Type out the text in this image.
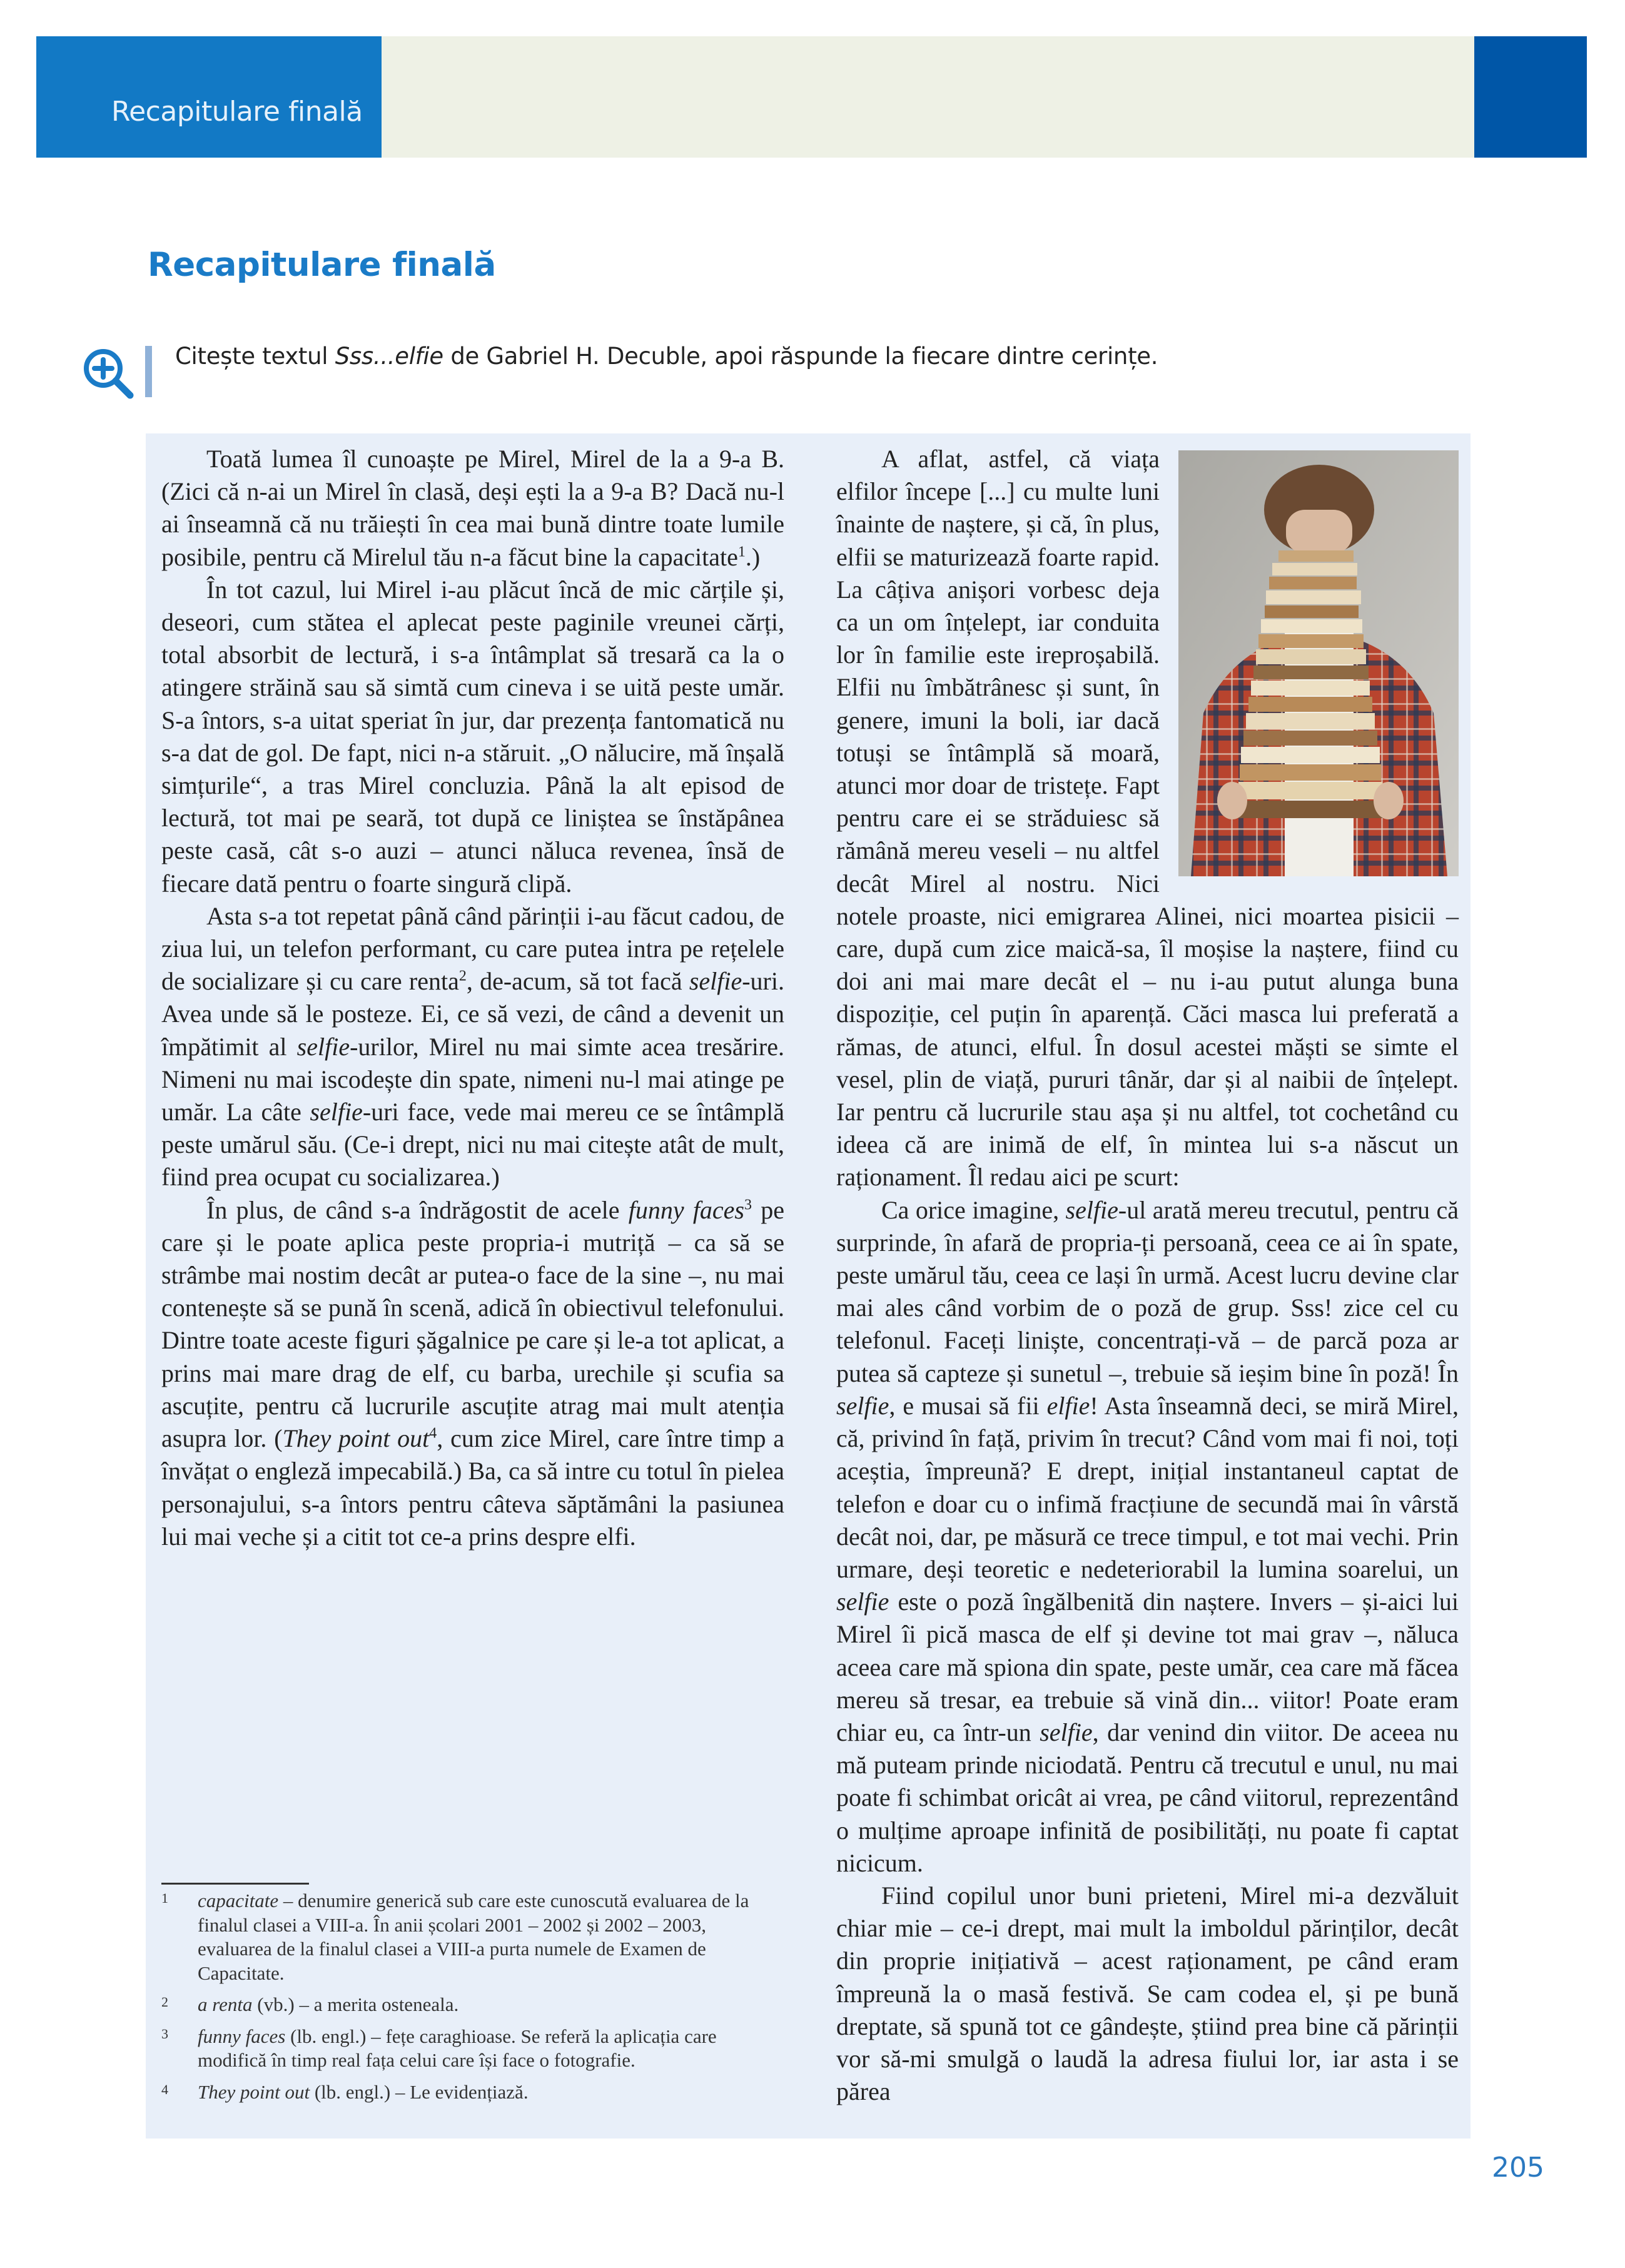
Recapitulare finală
Recapitulare finală

Citește textul Sss...elfie de Gabriel H. Decuble, apoi răspunde la fiecare dintre cerințe.

Toată lumea îl cunoaște pe Mirel, Mirel de la a 9-a B. (Zici că n-ai un Mirel în clasă, deși ești la a 9-a B? Dacă nu-l ai înseamnă că nu trăiești în cea mai bună dintre toate lumile posibile, pentru că Mirelul tău n-a făcut bine la capacitate$^1$.)

În tot cazul, lui Mirel i-au plăcut încă de mic cărțile și, deseori, cum stătea el aplecat peste paginile vreunei cărți, total absorbit de lectură, i s-a întâmplat să tresară ca la o atingere străină sau să simtă cum cineva i se uită peste umăr. S-a întors, s-a uitat speriat în jur, dar prezența fantomatică nu s-a dat de gol. De fapt, nici n-a stăruit. „O nălucire, mă înșală simțurile“, a tras Mirel concluzia. Până la alt episod de lectură, tot mai pe seară, tot după ce liniștea se înstăpânea peste casă, cât s-o auzi – atunci năluca revenea, însă de fiecare dată pentru o foarte singură clipă.

Asta s-a tot repetat până când părinții i-au făcut cadou, de ziua lui, un telefon performant, cu care putea intra pe rețelele de socializare și cu care renta$^2$, de-acum, să tot facă selfie-uri. Avea unde să le posteze. Ei, ce să vezi, de când a devenit un împătimit al selfie-urilor, Mirel nu mai simte acea tresărire. Nimeni nu mai iscodește din spate, nimeni nu-l mai atinge pe umăr. La câte selfie-uri face, vede mai mereu ce se întâmplă peste umărul său. (Ce-i drept, nici nu mai citește atât de mult, fiind prea ocupat cu socializarea.)

În plus, de când s-a îndrăgostit de acele funny faces$^3$ pe care și le poate aplica peste propria-i mutriță – ca să se strâmbe mai nostim decât ar putea-o face de la sine –, nu mai contenește să se pună în scenă, adică în obiectivul telefonului. Dintre toate aceste figuri șăgalnice pe care și le-a tot aplicat, a prins mai mare drag de elf, cu barba, urechile și scufia sa ascuțite, pentru că lucrurile ascuțite atrag mai mult atenția asupra lor. (They point out$^4$, cum zice Mirel, care între timp a învățat o engleză impecabilă.) Ba, ca să intre cu totul în pielea personajului, s-a întors pentru câteva săptămâni la pasiunea lui mai veche și a citit tot ce-a prins despre elfi.

A aflat, astfel, că viața elfilor începe [...] cu multe luni înainte de naștere, și că, în plus, elfii se maturizează foarte rapid. La câțiva anișori vorbesc deja ca un om înțelept, iar conduita lor în familie este ireproșabilă. Elfii nu îmbătrânesc și sunt, în genere, imuni la boli, iar dacă totuși se întâmplă să moară, atunci mor doar de tristețe. Fapt pentru care ei se străduiesc să rămână mereu veseli – nu altfel decât Mirel al nostru. Nici notele proaste, nici emigrarea Alinei, nici moartea pisicii – care, după cum zice maică-sa, îl moșise la naștere, fiind cu doi ani mai mare decât el – nu i-au putut alunga buna dispoziție, cel puțin în aparență. Căci masca lui preferată a rămas, de atunci, elful. În dosul acestei măști se simte el vesel, plin de viață, pururi tânăr, dar și al naibii de înțelept. Iar pentru că lucrurile stau așa și nu altfel, tot cochetând cu ideea că are inimă de elf, în mintea lui s-a născut un raționament. Îl redau aici pe scurt:

Ca orice imagine, selfie-ul arată mereu trecutul, pentru că surprinde, în afară de propria-ți persoană, ceea ce ai în spate, peste umărul tău, ceea ce lași în urmă. Acest lucru devine clar mai ales când vorbim de o poză de grup. Sss! zice cel cu telefonul. Faceți liniște, concentrați-vă – de parcă poza ar putea să capteze și sunetul –, trebuie să ieșim bine în poză! În selfie, e musai să fii elfie! Asta înseamnă deci, se miră Mirel, că, privind în față, privim în trecut? Când vom mai fi noi, toți aceștia, împreună? E drept, inițial instantaneul captat de telefon e doar cu o infimă fracțiune de secundă mai în vârstă decât noi, dar, pe măsură ce trece timpul, e tot mai vechi. Prin urmare, deși teoretic e nedeteriorabil la lumina soarelui, un selfie este o poză îngălbenită din naștere. Invers – și-aici lui Mirel îi pică masca de elf și devine tot mai grav –, năluca aceea care mă spiona din spate, peste umăr, cea care mă făcea mereu să tresar, ea trebuie să vină din... viitor! Poate eram chiar eu, ca într-un selfie, dar venind din viitor. De aceea nu mă puteam prinde niciodată. Pentru că trecutul e unul, nu mai poate fi schimbat oricât ai vrea, pe când viitorul, reprezentând o mulțime aproape infinită de posibilități, nu poate fi captat nicicum.

Fiind copilul unor buni prieteni, Mirel mi-a dezvăluit chiar mie – ce-i drept, mai mult la imboldul părinților, decât din proprie inițiativă – acest raționament, pe când eram împreună la o masă festivă. Se cam codea el, și pe bună dreptate, să spună tot ce gândește, știind prea bine că părinții vor să-mi smulgă o laudă la adresa fiului lor, iar asta i se părea

1	capacitate – denumire generică sub care este cunoscută evaluarea de la finalul clasei a VIII-a. În anii școlari 2001 – 2002 și 2002 – 2003, evaluarea de la finalul clasei a VIII-a purta numele de Examen de Capacitate.
2	a renta (vb.) – a merita osteneala.
3	funny faces (lb. engl.) – fețe caraghioase. Se referă la aplicația care modifică în timp real fața celui care își face o fotografie.
4	They point out (lb. engl.) – Le evidențiază.
205
